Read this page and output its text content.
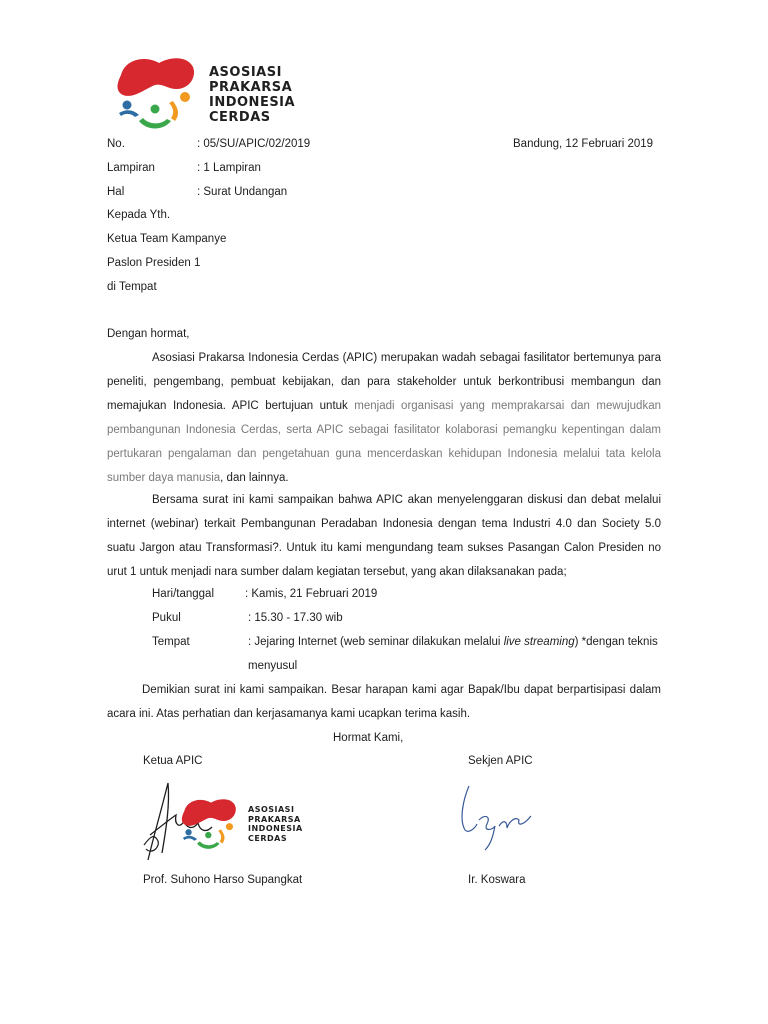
ASOSIASI
PRAKARSA
INDONESIA
CERDAS
No.	: 05/SU/APIC/02/2019	Bandung, 12 Februari 2019
Lampiran	: 1 Lampiran
Hal	: Surat Undangan
Kepada Yth.
Ketua Team Kampanye
Paslon Presiden 1
di Tempat
Dengan hormat,
Asosiasi Prakarsa Indonesia Cerdas (APIC) merupakan wadah sebagai fasilitator bertemunya para peneliti, pengembang, pembuat kebijakan, dan para stakeholder untuk berkontribusi membangun dan memajukan Indonesia. APIC bertujuan untuk menjadi organisasi yang memprakarsai dan mewujudkan pembangunan Indonesia Cerdas, serta APIC sebagai fasilitator kolaborasi pemangku kepentingan dalam pertukaran pengalaman dan pengetahuan guna mencerdaskan kehidupan Indonesia melalui tata kelola sumber daya manusia, dan lainnya.
Bersama surat ini kami sampaikan bahwa APIC akan menyelenggaran diskusi dan debat melalui internet (webinar) terkait Pembangunan Peradaban Indonesia dengan tema Industri 4.0 dan Society 5.0 suatu Jargon atau Transformasi?. Untuk itu kami mengundang team sukses Pasangan Calon Presiden no urut 1 untuk menjadi nara sumber dalam kegiatan tersebut, yang akan dilaksanakan pada;
Hari/tanggal	: Kamis, 21 Februari 2019
Pukul	: 15.30 - 17.30 wib
Tempat	: Jejaring Internet (web seminar dilakukan melalui live streaming) *dengan teknis
menyusul
Demikian surat ini kami sampaikan. Besar harapan kami agar Bapak/Ibu dapat berpartisipasi dalam acara ini. Atas perhatian dan kerjasamanya kami ucapkan terima kasih.
Hormat Kami,
Ketua APIC	Sekjen APIC
ASOSIASI
PRAKARSA
INDONESIA
CERDAS
Prof. Suhono Harso Supangkat	Ir. Koswara
